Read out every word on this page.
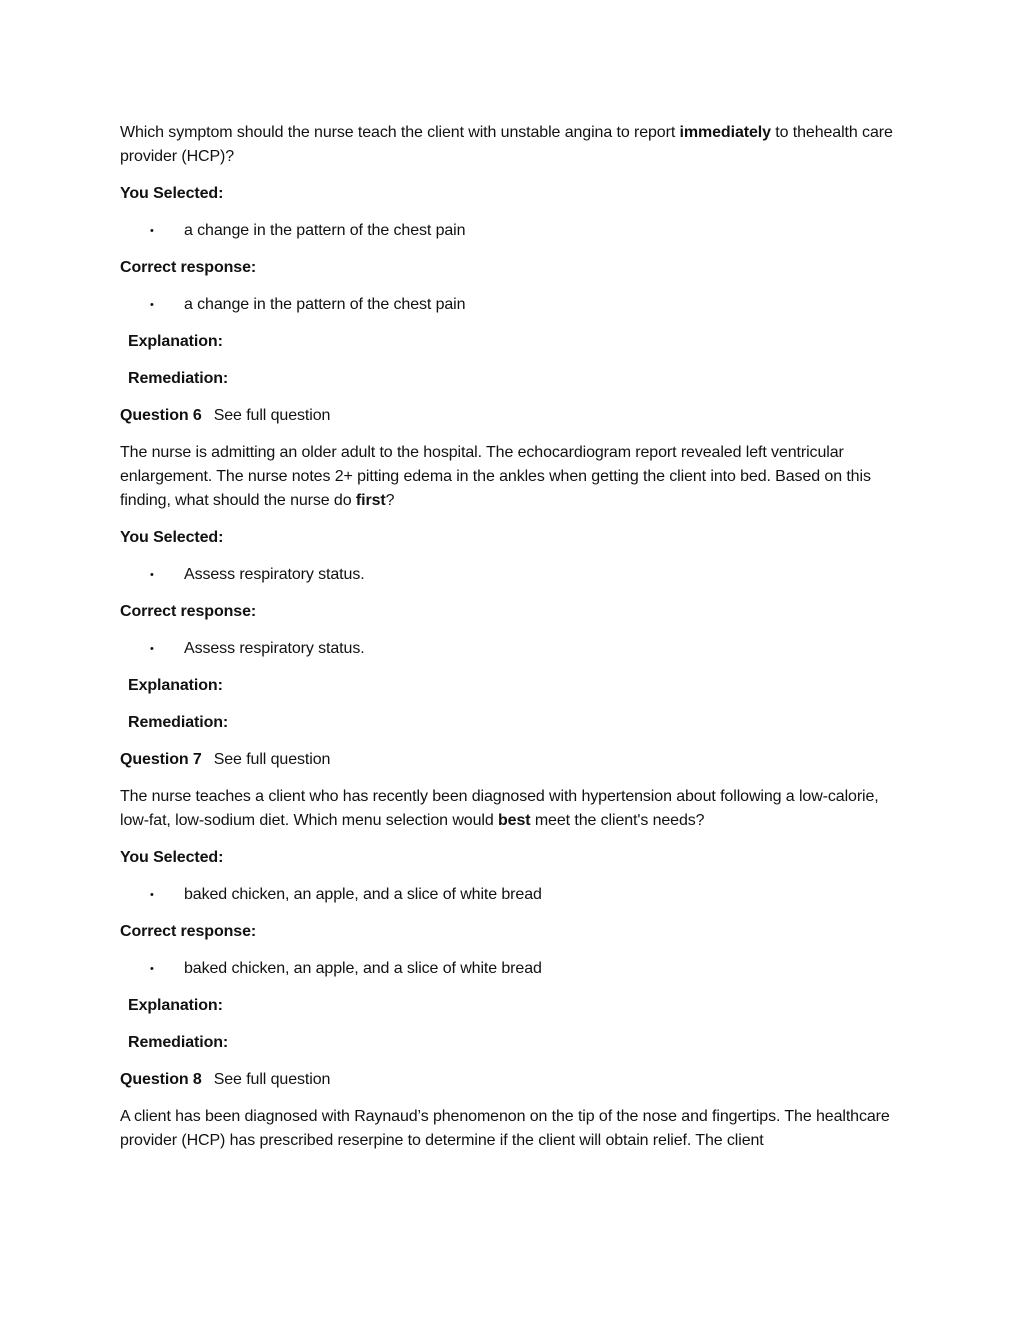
Which symptom should the nurse teach the client with unstable angina to report immediately to thehealth care provider (HCP)?

You Selected:
• a change in the pattern of the chest pain
Correct response:
• a change in the pattern of the chest pain
Explanation:
Remediation:
Question 6 See full question

The nurse is admitting an older adult to the hospital. The echocardiogram report revealed left ventricular enlargement. The nurse notes 2+ pitting edema in the ankles when getting the client into bed. Based on this finding, what should the nurse do first?

You Selected:
• Assess respiratory status.
Correct response:
• Assess respiratory status.
Explanation:
Remediation:
Question 7 See full question

The nurse teaches a client who has recently been diagnosed with hypertension about following a low-calorie, low-fat, low-sodium diet. Which menu selection would best meet the client's needs?

You Selected:
• baked chicken, an apple, and a slice of white bread
Correct response:
• baked chicken, an apple, and a slice of white bread
Explanation:
Remediation:
Question 8 See full question

A client has been diagnosed with Raynaud’s phenomenon on the tip of the nose and fingertips. The healthcare provider (HCP) has prescribed reserpine to determine if the client will obtain relief. The client
